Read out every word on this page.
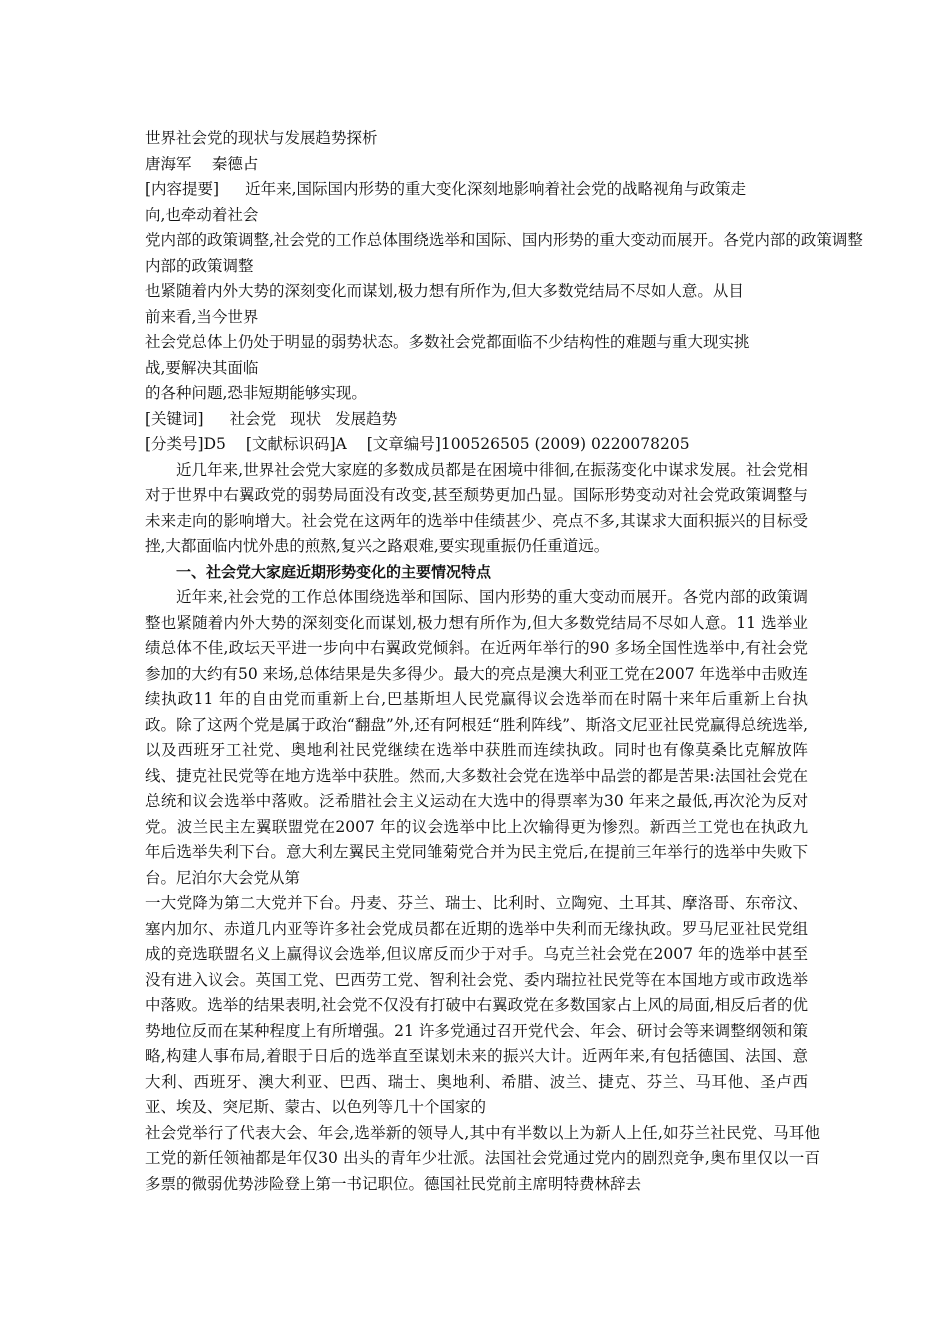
世界社会党的现状与发展趋势探析
唐海军　 秦德占
[内容提要] 近年来,国际国内形势的重大变化深刻地影响着社会党的战略视角与政策走
向,也牵动着社会
党内部的政策调整,社会党的工作总体围绕选举和国际、国内形势的重大变动而展开。各党内部的政策调整
内部的政策调整
也紧随着内外大势的深刻变化而谋划,极力想有所作为,但大多数党结局不尽如人意。从目
前来看,当今世界
社会党总体上仍处于明显的弱势状态。多数社会党都面临不少结构性的难题与重大现实挑
战,要解决其面临
的各种问题,恐非短期能够实现。
[关键词] 社会党 现状 发展趋势
[分类号]D5 [文献标识码]A [文章编号]100526505 (2009) 0220078205
近几年来,世界社会党大家庭的多数成员都是在困境中徘徊,在振荡变化中谋求发展。社会党相对于世界中右翼政党的弱势局面没有改变,甚至颓势更加凸显。国际形势变动对社会党政策调整与未来走向的影响增大。社会党在这两年的选举中佳绩甚少、亮点不多,其谋求大面积振兴的目标受挫,大都面临内忧外患的煎熬,复兴之路艰难,要实现重振仍任重道远。
一、社会党大家庭近期形势变化的主要情况特点
近年来,社会党的工作总体围绕选举和国际、国内形势的重大变动而展开。各党内部的政策调整也紧随着内外大势的深刻变化而谋划,极力想有所作为,但大多数党结局不尽如人意。11 选举业绩总体不佳,政坛天平进一步向中右翼政党倾斜。在近两年举行的90 多场全国性选举中,有社会党参加的大约有50 来场,总体结果是失多得少。最大的亮点是澳大利亚工党在2007 年选举中击败连续执政11 年的自由党而重新上台,巴基斯坦人民党赢得议会选举而在时隔十来年后重新上台执政。除了这两个党是属于政治“翻盘”外,还有阿根廷“胜利阵线”、斯洛文尼亚社民党赢得总统选举,以及西班牙工社党、奥地利社民党继续在选举中获胜而连续执政。同时也有像莫桑比克解放阵线、捷克社民党等在地方选举中获胜。然而,大多数社会党在选举中品尝的都是苦果:法国社会党在总统和议会选举中落败。泛希腊社会主义运动在大选中的得票率为30 年来之最低,再次沦为反对党。波兰民主左翼联盟党在2007 年的议会选举中比上次输得更为惨烈。新西兰工党也在执政九年后选举失利下台。意大利左翼民主党同雏菊党合并为民主党后,在提前三年举行的选举中失败下台。尼泊尔大会党从第
一大党降为第二大党并下台。丹麦、芬兰、瑞士、比利时、立陶宛、土耳其、摩洛哥、东帝汶、塞内加尔、赤道几内亚等许多社会党成员都在近期的选举中失利而无缘执政。罗马尼亚社民党组成的竞选联盟名义上赢得议会选举,但议席反而少于对手。乌克兰社会党在2007 年的选举中甚至没有进入议会。英国工党、巴西劳工党、智利社会党、委内瑞拉社民党等在本国地方或市政选举中落败。选举的结果表明,社会党不仅没有打破中右翼政党在多数国家占上风的局面,相反后者的优势地位反而在某种程度上有所增强。21 许多党通过召开党代会、年会、研讨会等来调整纲领和策略,构建人事布局,着眼于日后的选举直至谋划未来的振兴大计。近两年来,有包括德国、法国、意大利、西班牙、澳大利亚、巴西、瑞士、奥地利、希腊、波兰、捷克、芬兰、马耳他、圣卢西亚、埃及、突尼斯、蒙古、以色列等几十个国家的
社会党举行了代表大会、年会,选举新的领导人,其中有半数以上为新人上任,如芬兰社民党、马耳他工党的新任领袖都是年仅30 出头的青年少壮派。法国社会党通过党内的剧烈竞争,奥布里仅以一百多票的微弱优势涉险登上第一书记职位。德国社民党前主席明特费林辞去
